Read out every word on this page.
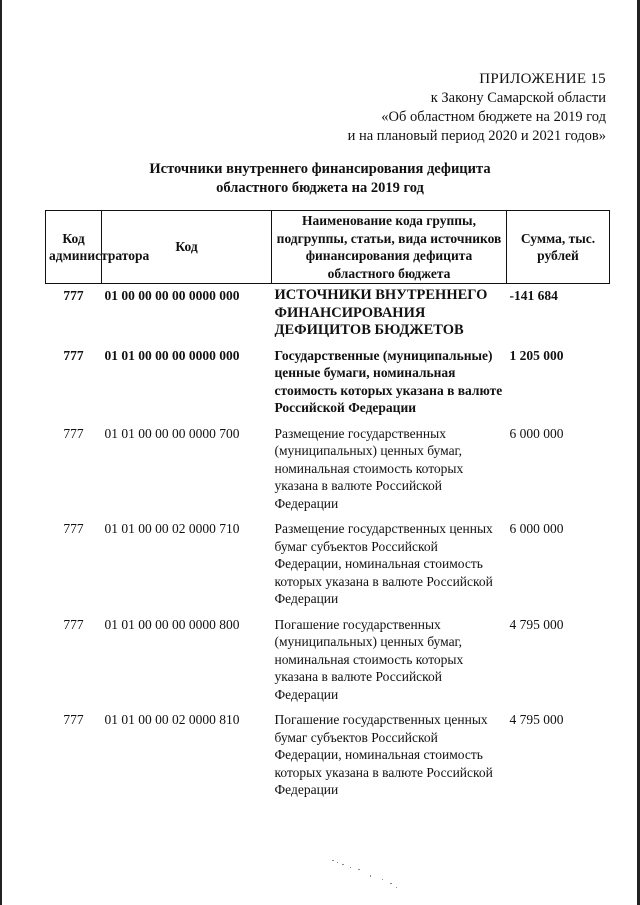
ПРИЛОЖЕНИЕ 15
к Закону Самарской области
«Об областном бюджете на 2019 год
и на плановый период 2020 и 2021 годов»
Источники внутреннего финансирования дефицита
областного бюджета на 2019 год
Код администратора	Код	Наименование кода группы, подгруппы, статьи, вида источников финансирования дефицита областного бюджета	Сумма, тыс. рублей
777	01 00 00 00 00 0000 000	ИСТОЧНИКИ ВНУТРЕННЕГО ФИНАНСИРОВАНИЯ ДЕФИЦИТОВ БЮДЖЕТОВ	-141 684
777	01 01 00 00 00 0000 000	Государственные (муниципальные) ценные бумаги, номинальная стоимость которых указана в валюте Российской Федерации	1 205 000
777	01 01 00 00 00 0000 700	Размещение государственных (муниципальных) ценных бумаг, номинальная стоимость которых указана в валюте Российской Федерации	6 000 000
777	01 01 00 00 02 0000 710	Размещение государственных ценных бумаг субъектов Российской Федерации, номинальная стоимость которых указана в валюте Российской Федерации	6 000 000
777	01 01 00 00 00 0000 800	Погашение государственных (муниципальных) ценных бумаг, номинальная стоимость которых указана в валюте Российской Федерации	4 795 000
777	01 01 00 00 02 0000 810	Погашение государственных ценных бумаг субъектов Российской Федерации, номинальная стоимость которых указана в валюте Российской Федерации	4 795 000
